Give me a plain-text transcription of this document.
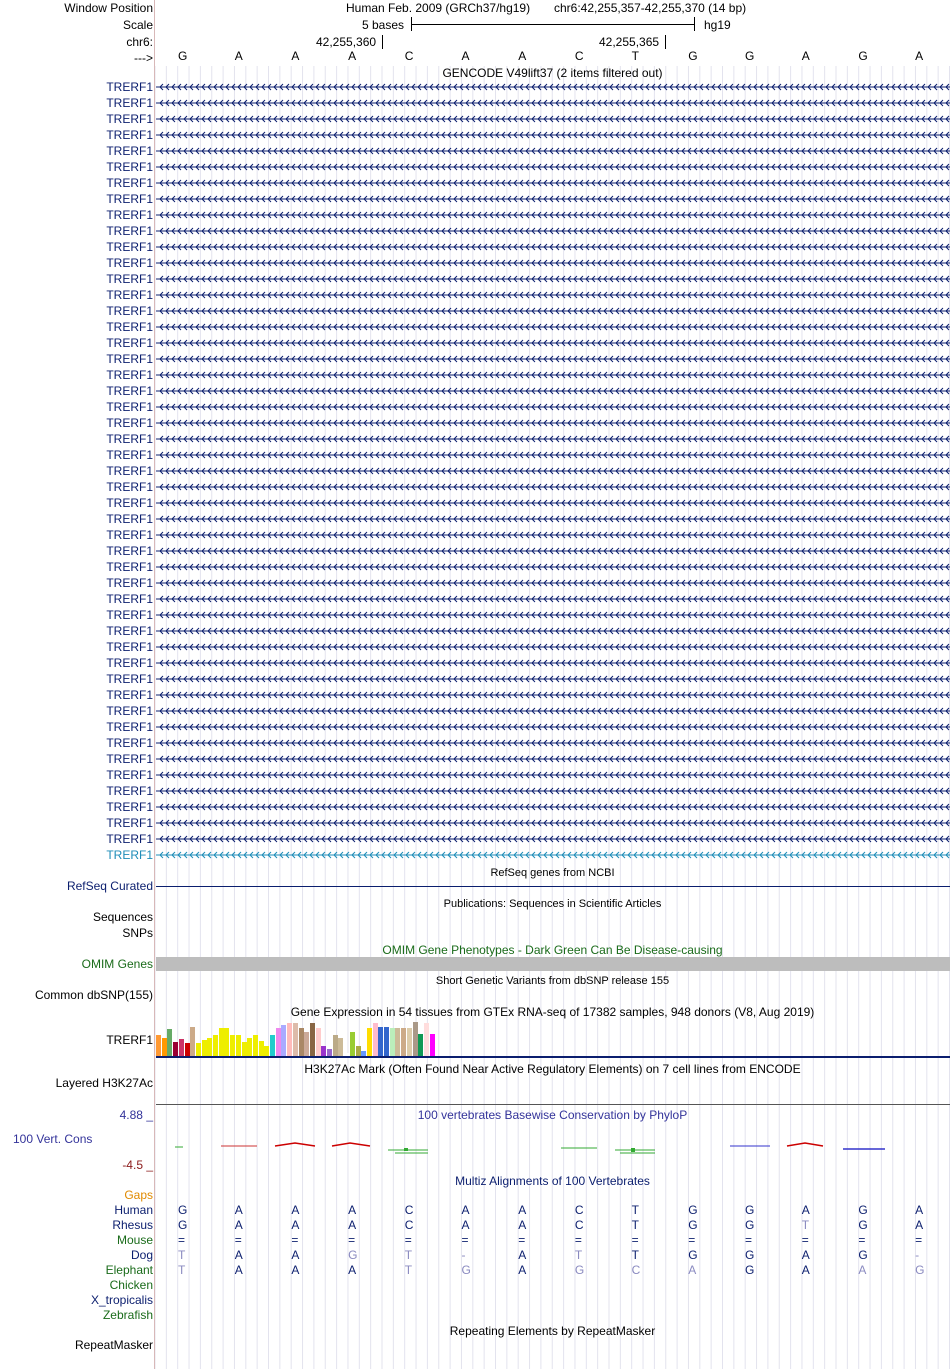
Window Position
Scale
chr6:
--->
Human Feb. 2009 (GRCh37/hg19) chr6:42,255,357-42,255,370 (14 bp)
5 bases	hg19
42,255,360	42,255,365
G	A	A	A	C	A	A	C	T	G	G	A	G	A
GENCODE V49lift37 (2 items filtered out)
TRERF1
TRERF1
TRERF1
TRERF1
TRERF1
TRERF1
TRERF1
TRERF1
TRERF1
TRERF1
TRERF1
TRERF1
TRERF1
TRERF1
TRERF1
TRERF1
TRERF1
TRERF1
TRERF1
TRERF1
TRERF1
TRERF1
TRERF1
TRERF1
TRERF1
TRERF1
TRERF1
TRERF1
TRERF1
TRERF1
TRERF1
TRERF1
TRERF1
TRERF1
TRERF1
TRERF1
TRERF1
TRERF1
TRERF1
TRERF1
TRERF1
TRERF1
TRERF1
TRERF1
TRERF1
TRERF1
TRERF1
TRERF1
TRERF1
RefSeq genes from NCBI
RefSeq Curated
Publications: Sequences in Scientific Articles
Sequences
SNPs
OMIM Gene Phenotypes - Dark Green Can Be Disease-causing
OMIM Genes
Short Genetic Variants from dbSNP release 155
Common dbSNP(155)
Gene Expression in 54 tissues from GTEx RNA-seq of 17382 samples, 948 donors (V8, Aug 2019)
TRERF1
H3K27Ac Mark (Often Found Near Active Regulatory Elements) on 7 cell lines from ENCODE
Layered H3K27Ac
100 vertebrates Basewise Conservation by PhyloP
4.88 _
100 Vert. Cons
-4.5 _
Multiz Alignments of 100 Vertebrates
Gaps
Human G	A	A	A	C	A	A	C	T	G	G	A	G	A
Rhesus G	A	A	A	C	A	A	C	T	G	G	T	G	A
Mouse =	=	=	=	=	=	=	=	=	=	=	=	=	=
Dog T	A	A	G	T	-	A	T	T	G	G	A	G	-
Elephant T	A	A	A	T	G	A	G	C	A	G	A	A	G
Chicken
X_tropicalis
Zebrafish
Repeating Elements by RepeatMasker
RepeatMasker
